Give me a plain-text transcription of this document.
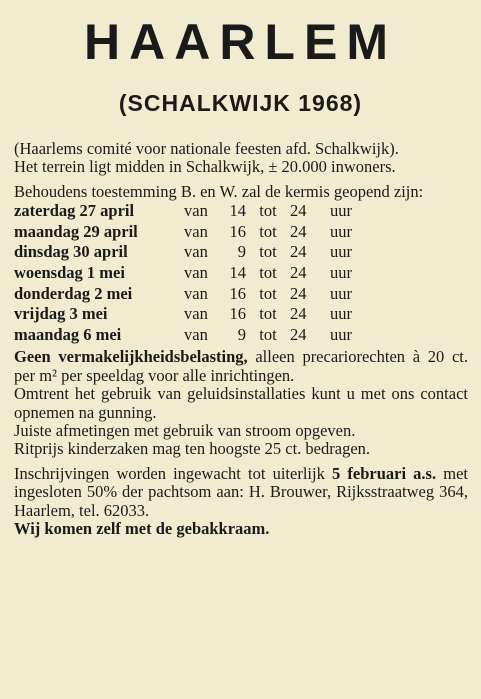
HAARLEM
(SCHALKWIJK 1968)

(Haarlems comité voor nationale feesten afd. Schalkwijk).

Het terrein ligt midden in Schalkwijk, ± 20.000 inwoners.

Behoudens toestemming B. en W. zal de kermis geopend zijn:

zaterdag 27 april	van	14 tot 24	uur
maandag 29 april	van	16 tot 24	uur
dinsdag 30 april	van	9 tot 24	uur
woensdag 1 mei	van	14 tot 24	uur
donderdag 2 mei	van	16 tot 24	uur
vrijdag 3 mei	van	16 tot 24	uur
maandag 6 mei	van	9 tot 24	uur

Geen vermakelijkheidsbelasting, alleen precariorechten à 20 ct. per m² per speeldag voor alle inrichtingen.

Omtrent het gebruik van geluidsinstallaties kunt u met ons contact opnemen na gunning.

Juiste afmetingen met gebruik van stroom opgeven.

Ritprijs kinderzaken mag ten hoogste 25 ct. bedragen.

Inschrijvingen worden ingewacht tot uiterlijk 5 februari a.s. met ingesloten 50% der pachtsom aan: H. Brouwer, Rijksstraatweg 364, Haarlem, tel. 62033.

Wij komen zelf met de gebakkraam.
